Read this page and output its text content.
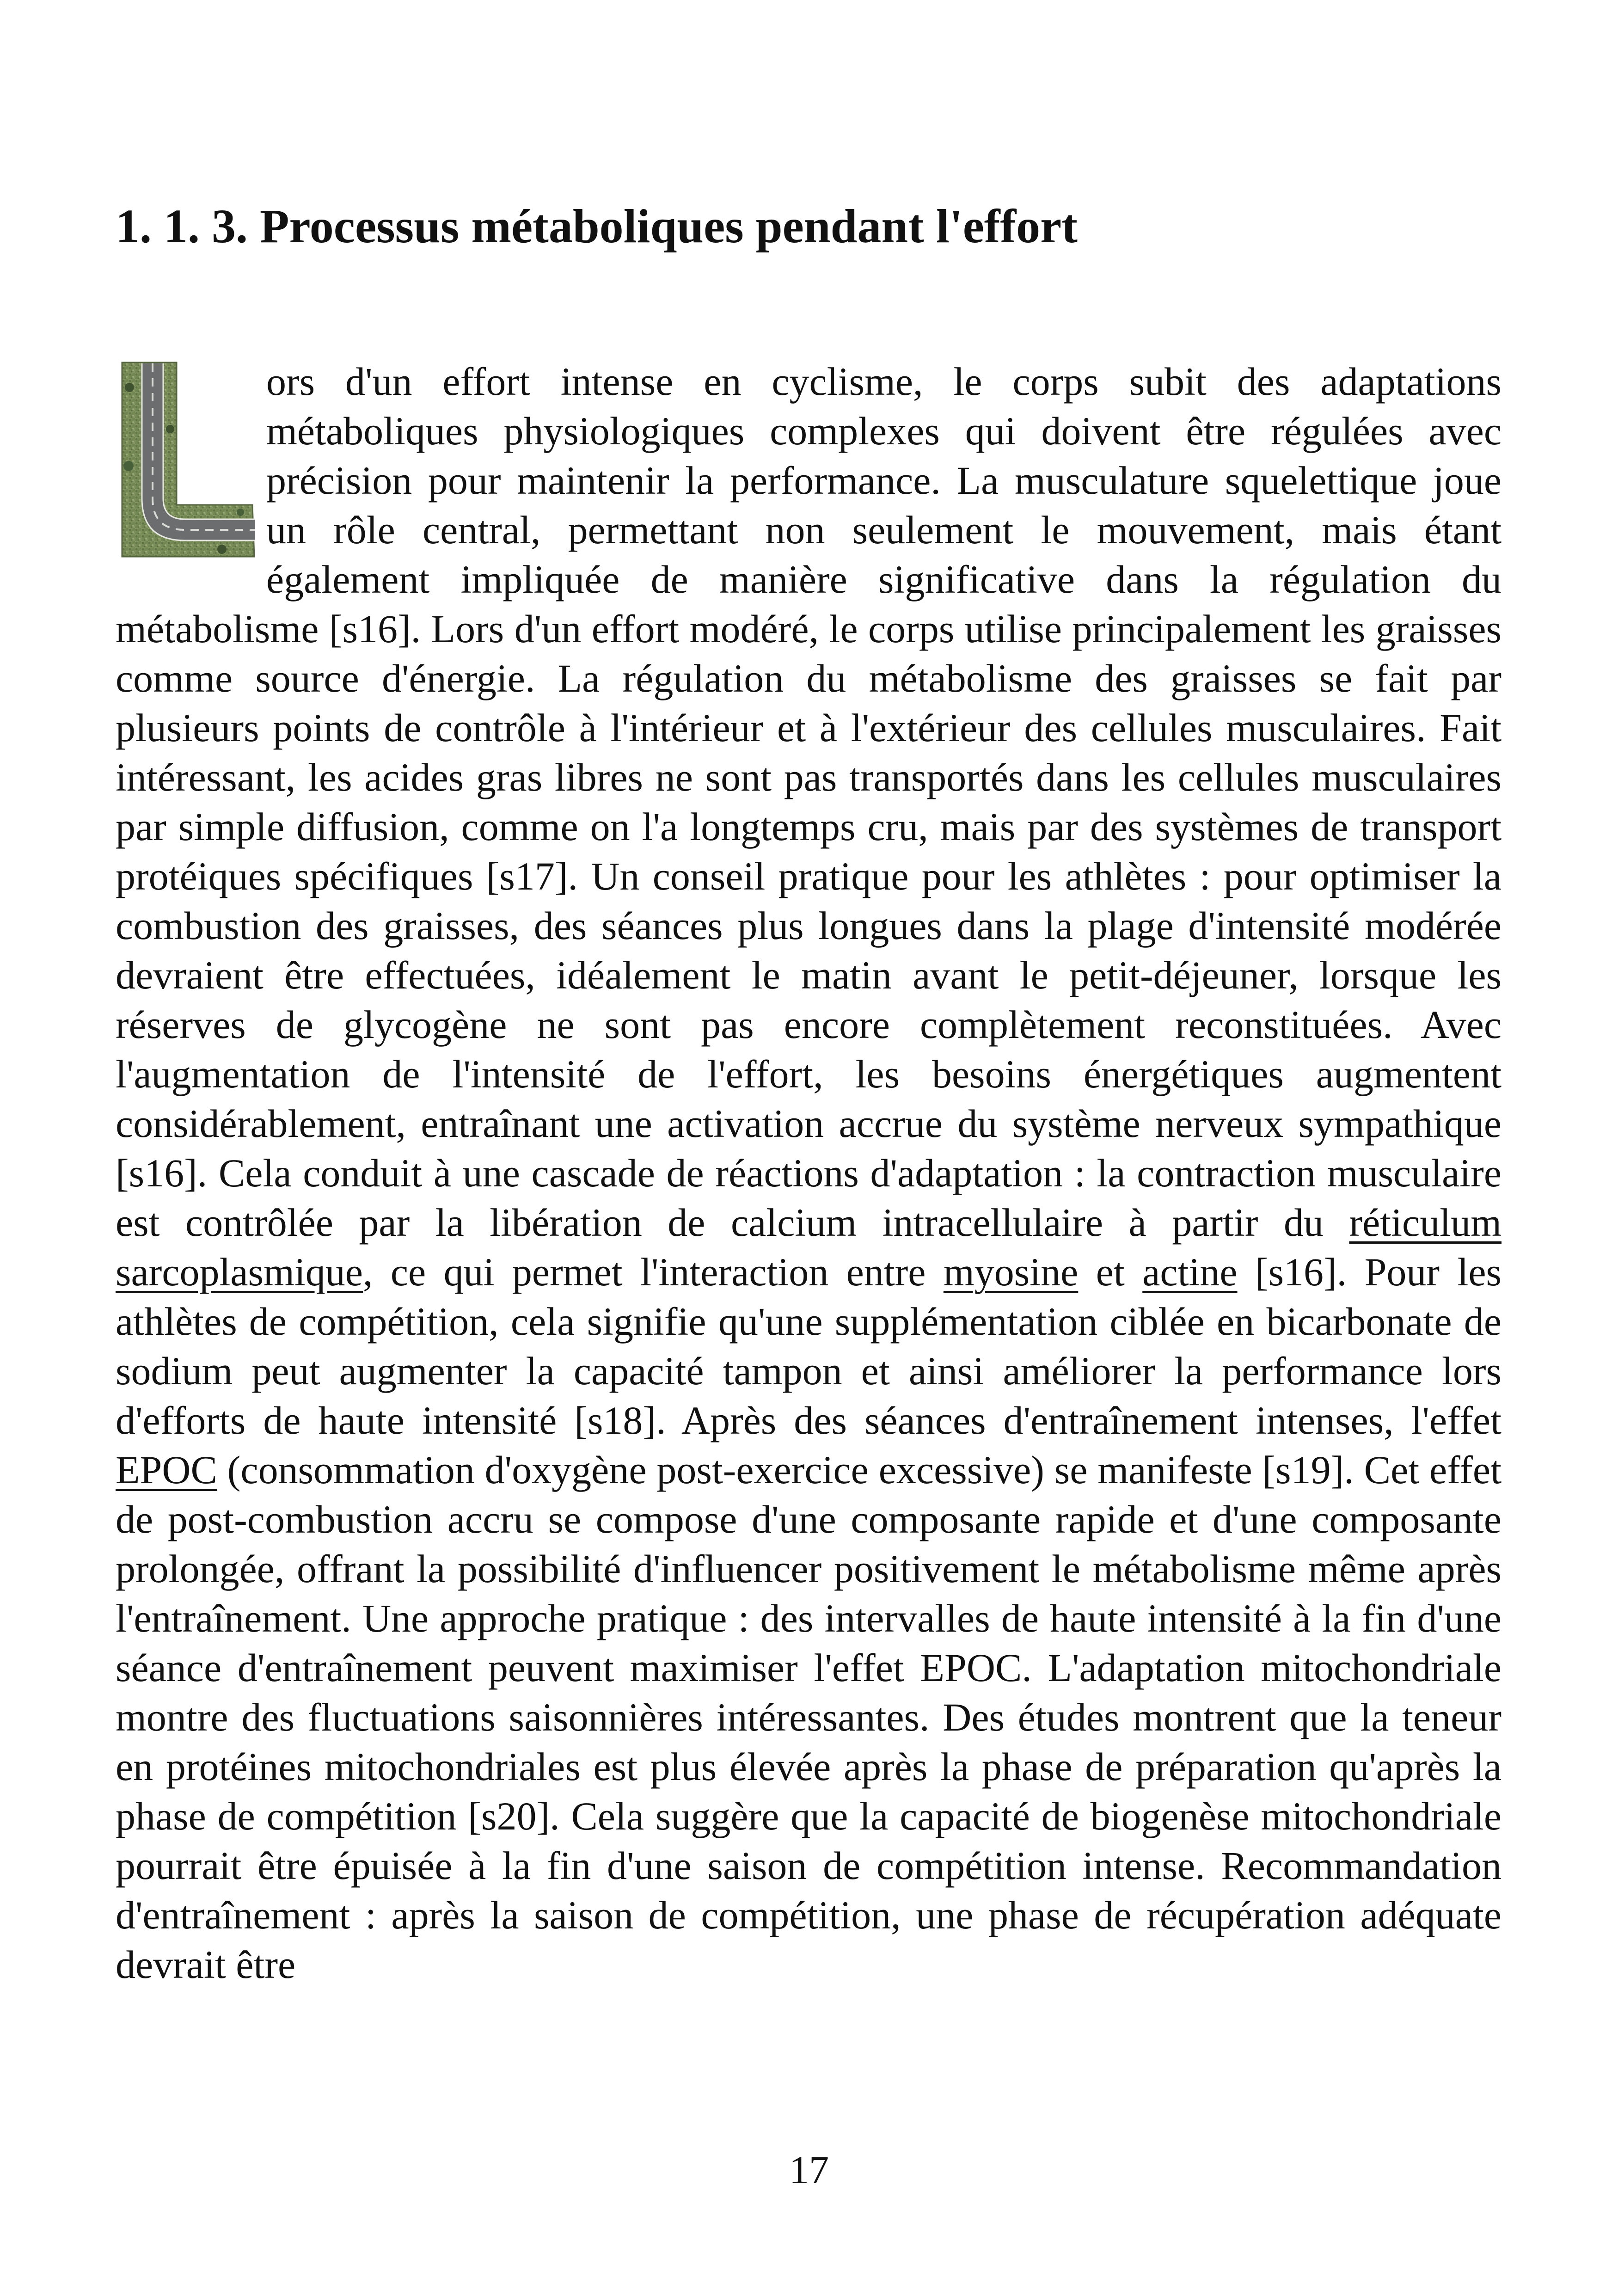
1. 1. 3. Processus métaboliques pendant l'effort

ors d'un effort intense en cyclisme, le corps subit des adaptations métaboliques physiologiques complexes qui doivent être régulées avec précision pour maintenir la performance. La musculature squelettique joue un rôle central, permettant non seulement le mouvement, mais étant également impliquée de manière significative dans la régulation du métabolisme [s16]. Lors d'un effort modéré, le corps utilise principalement les graisses comme source d'énergie. La régulation du métabolisme des graisses se fait par plusieurs points de contrôle à l'intérieur et à l'extérieur des cellules musculaires. Fait intéressant, les acides gras libres ne sont pas transportés dans les cellules musculaires par simple diffusion, comme on l'a longtemps cru, mais par des systèmes de transport protéiques spécifiques [s17]. Un conseil pratique pour les athlètes : pour optimiser la combustion des graisses, des séances plus longues dans la plage d'intensité modérée devraient être effectuées, idéalement le matin avant le petit-déjeuner, lorsque les réserves de glycogène ne sont pas encore complètement reconstituées. Avec l'augmentation de l'intensité de l'effort, les besoins énergétiques augmentent considérablement, entraînant une activation accrue du système nerveux sympathique [s16]. Cela conduit à une cascade de réactions d'adaptation : la contraction musculaire est contrôlée par la libération de calcium intracellulaire à partir du réticulum sarcoplasmique, ce qui permet l'interaction entre myosine et actine [s16]. Pour les athlètes de compétition, cela signifie qu'une supplémentation ciblée en bicarbonate de sodium peut augmenter la capacité tampon et ainsi améliorer la performance lors d'efforts de haute intensité [s18]. Après des séances d'entraînement intenses, l'effet EPOC (consommation d'oxygène post-exercice excessive) se manifeste [s19]. Cet effet de post-combustion accru se compose d'une composante rapide et d'une composante prolongée, offrant la possibilité d'influencer positivement le métabolisme même après l'entraînement. Une approche pratique : des intervalles de haute intensité à la fin d'une séance d'entraînement peuvent maximiser l'effet EPOC. L'adaptation mitochondriale montre des fluctuations saisonnières intéressantes. Des études montrent que la teneur en protéines mitochondriales est plus élevée après la phase de préparation qu'après la phase de compétition [s20]. Cela suggère que la capacité de biogenèse mitochondriale pourrait être épuisée à la fin d'une saison de compétition intense. Recommandation d'entraînement : après la saison de compétition, une phase de récupération adéquate devrait être

17
